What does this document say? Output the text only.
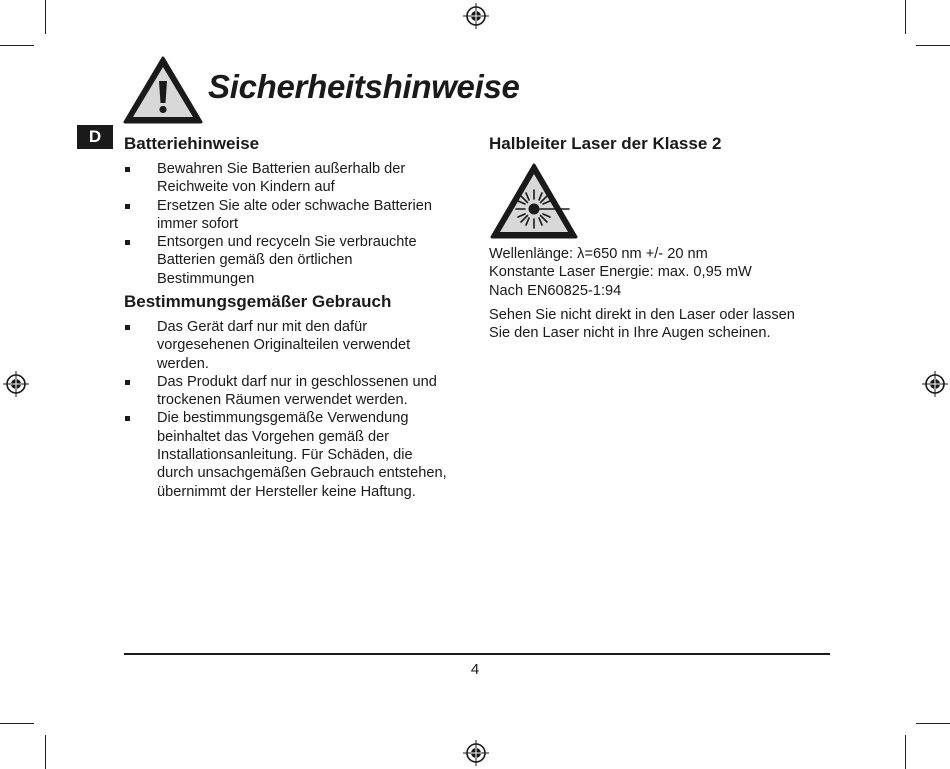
Sicherheitshinweise
D	Batteriehinweise
Bewahren Sie Batterien außerhalb der
Reichweite von Kindern auf
Ersetzen Sie alte oder schwache Batterien
immer sofort
Entsorgen und recyceln Sie verbrauchte
Batterien gemäß den örtlichen
Bestimmungen
Bestimmungsgemäßer Gebrauch
Das Gerät darf nur mit den dafür
vorgesehenen Originalteilen verwendet
werden.
Das Produkt darf nur in geschlossenen und
trockenen Räumen verwendet werden.
Die bestimmungsgemäße Verwendung
beinhaltet das Vorgehen gemäß der
Installationsanleitung. Für Schäden, die
durch unsachgemäßen Gebrauch entstehen,
übernimmt der Hersteller keine Haftung.
Halbleiter Laser der Klasse 2
Wellenlänge: λ=650 nm +/- 20 nm
Konstante Laser Energie: max. 0,95 mW
Nach EN60825-1:94
Sehen Sie nicht direkt in den Laser oder lassen
Sie den Laser nicht in Ihre Augen scheinen.
4
